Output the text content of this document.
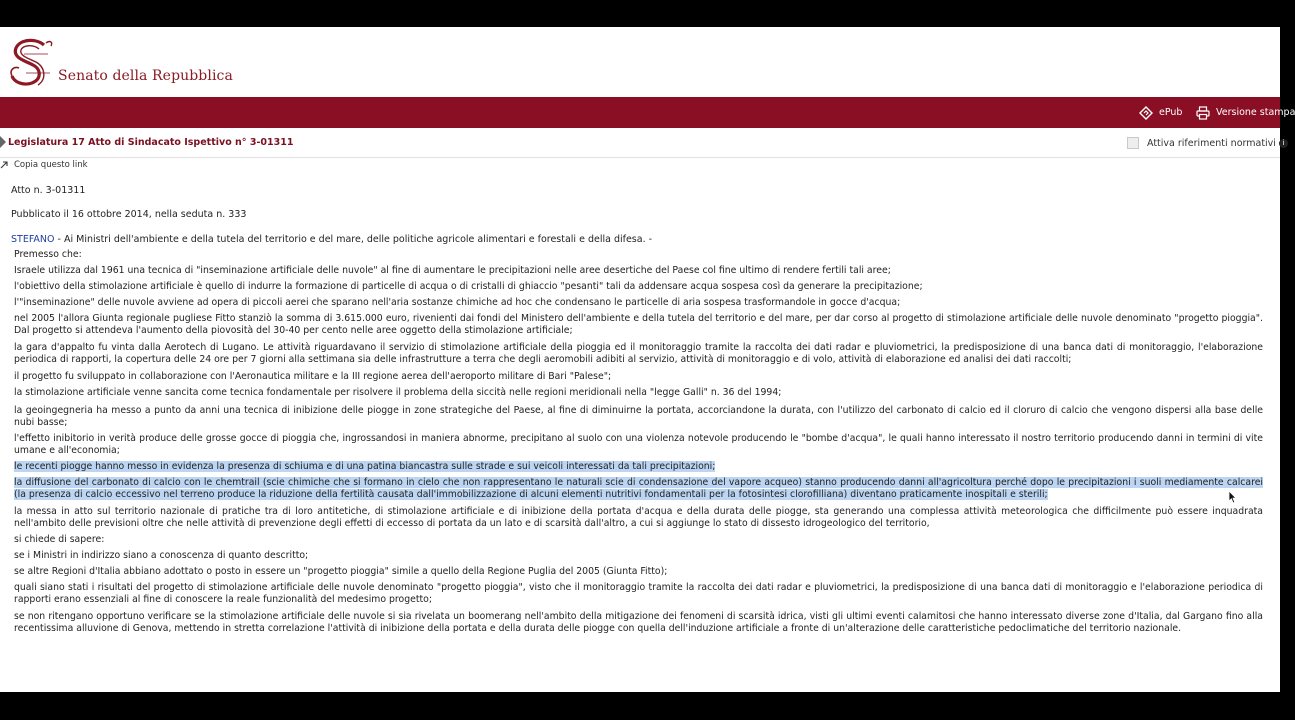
Senato della Repubblica
ePub	Versione stampa
Legislatura 17 Atto di Sindacato Ispettivo n° 3-01311	Attiva riferimenti normativi i
Copia questo link
Atto n. 3-01311
Pubblicato il 16 ottobre 2014, nella seduta n. 333
STEFANO - Ai Ministri dell'ambiente e della tutela del territorio e del mare, delle politiche agricole alimentari e forestali e della difesa. -

Premesso che:

Israele utilizza dal 1961 una tecnica di "inseminazione artificiale delle nuvole" al fine di aumentare le precipitazioni nelle aree desertiche del Paese col fine ultimo di rendere fertili tali aree;

l'obiettivo della stimolazione artificiale è quello di indurre la formazione di particelle di acqua o di cristalli di ghiaccio "pesanti" tali da addensare acqua sospesa così da generare la precipitazione;

l'"inseminazione" delle nuvole avviene ad opera di piccoli aerei che sparano nell'aria sostanze chimiche ad hoc che condensano le particelle di aria sospesa trasformandole in gocce d'acqua;

nel 2005 l'allora Giunta regionale pugliese Fitto stanziò la somma di 3.615.000 euro, rivenienti dai fondi del Ministero dell'ambiente e della tutela del territorio e del mare, per dar corso al progetto di stimolazione artificiale delle nuvole denominato "progetto pioggia". Dal progetto si attendeva l'aumento della piovosità del 30-40 per cento nelle aree oggetto della stimolazione artificiale;

la gara d'appalto fu vinta dalla Aerotech di Lugano. Le attività riguardavano il servizio di stimolazione artificiale della pioggia ed il monitoraggio tramite la raccolta dei dati radar e pluviometrici, la predisposizione di una banca dati di monitoraggio, l'elaborazione periodica di rapporti, la copertura delle 24 ore per 7 giorni alla settimana sia delle infrastrutture a terra che degli aeromobili adibiti al servizio, attività di monitoraggio e di volo, attività di elaborazione ed analisi dei dati raccolti;

il progetto fu sviluppato in collaborazione con l'Aeronautica militare e la III regione aerea dell'aeroporto militare di Bari "Palese";

la stimolazione artificiale venne sancita come tecnica fondamentale per risolvere il problema della siccità nelle regioni meridionali nella "legge Galli" n. 36 del 1994;

la geoingegneria ha messo a punto da anni una tecnica di inibizione delle piogge in zone strategiche del Paese, al fine di diminuirne la portata, accorciandone la durata, con l'utilizzo del carbonato di calcio ed il cloruro di calcio che vengono dispersi alla base delle nubi basse;

l'effetto inibitorio in verità produce delle grosse gocce di pioggia che, ingrossandosi in maniera abnorme, precipitano al suolo con una violenza notevole producendo le "bombe d'acqua", le quali hanno interessato il nostro territorio producendo danni in termini di vite umane e all'economia;

le recenti piogge hanno messo in evidenza la presenza di schiuma e di una patina biancastra sulle strade e sui veicoli interessati da tali precipitazioni;

la diffusione del carbonato di calcio con le chemtrail (scie chimiche che si formano in cielo che non rappresentano le naturali scie di condensazione del vapore acqueo) stanno producendo danni all'agricoltura perché dopo le precipitazioni i suoli mediamente calcarei (la presenza di calcio eccessivo nel terreno produce la riduzione della fertilità causata dall'immobilizzazione di alcuni elementi nutritivi fondamentali per la fotosintesi clorofilliana) diventano praticamente inospitali e sterili;

la messa in atto sul territorio nazionale di pratiche tra di loro antitetiche, di stimolazione artificiale e di inibizione della portata d'acqua e della durata delle piogge, sta generando una complessa attività meteorologica che difficilmente può essere inquadrata nell'ambito delle previsioni oltre che nelle attività di prevenzione degli effetti di eccesso di portata da un lato e di scarsità dall'altro, a cui si aggiunge lo stato di dissesto idrogeologico del territorio,

si chiede di sapere:

se i Ministri in indirizzo siano a conoscenza di quanto descritto;

se altre Regioni d'Italia abbiano adottato o posto in essere un "progetto pioggia" simile a quello della Regione Puglia del 2005 (Giunta Fitto);

quali siano stati i risultati del progetto di stimolazione artificiale delle nuvole denominato "progetto pioggia", visto che il monitoraggio tramite la raccolta dei dati radar e pluviometrici, la predisposizione di una banca dati di monitoraggio e l'elaborazione periodica di rapporti erano essenziali al fine di conoscere la reale funzionalità del medesimo progetto;

se non ritengano opportuno verificare se la stimolazione artificiale delle nuvole si sia rivelata un boomerang nell'ambito della mitigazione dei fenomeni di scarsità idrica, visti gli ultimi eventi calamitosi che hanno interessato diverse zone d'Italia, dal Gargano fino alla recentissima alluvione di Genova, mettendo in stretta correlazione l'attività di inibizione della portata e della durata delle piogge con quella dell'induzione artificiale a fronte di un'alterazione delle caratteristiche pedoclimatiche del territorio nazionale.
